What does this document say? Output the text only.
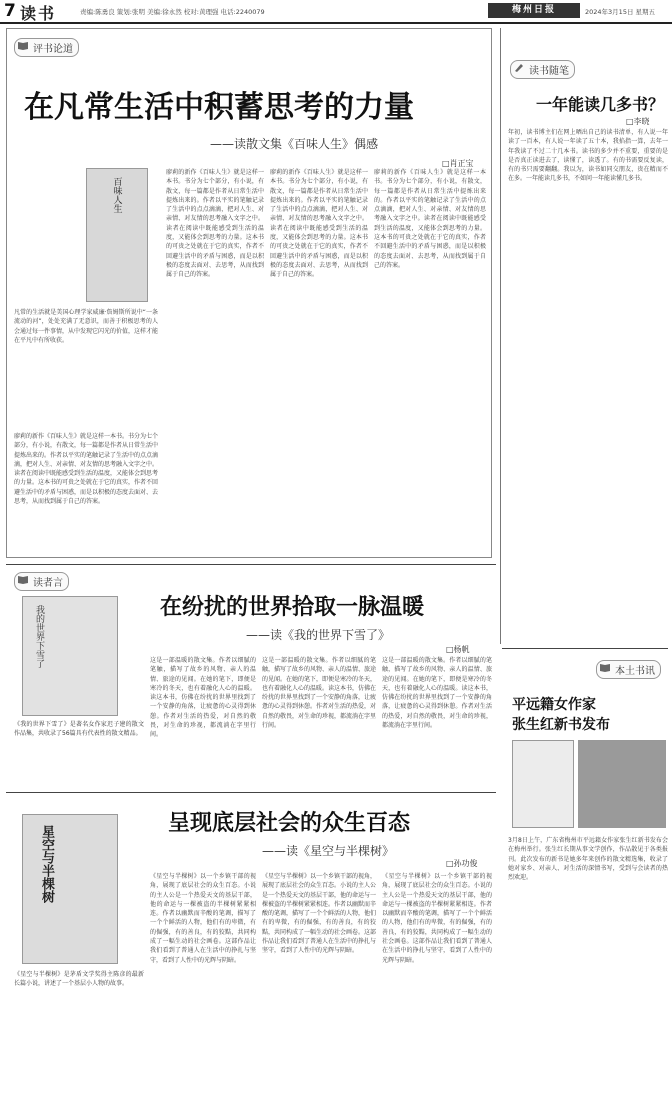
7 读书	责编:陈勇良 策划:张明 美编:徐永然 校对:黄理强 电话:2240079	梅州日报	2024年3月15日 星期五
评书论道
在凡常生活中积蓄思考的力量
——读散文集《百味人生》偶感
□肖正宝
百味人生
凡常的生活就是美国心理学家威廉·詹姆斯所说中“一条流动的河”，处处充满了无意识，而善于积极思考的人会通过每一件事情，从中发现它闪光的价值，这样才能在平凡中有所收获。
廖莉的新作《百味人生》就是这样一本书。书分为七个部分，有小说，有散文，每一篇都是作者从日常生活中提炼出来的。作者以平实的笔触记录了生活中的点点滴滴，把对人生、对亲情、对友情的思考融入文字之中。读者在阅读中既能感受到生活的温度，又能体会到思考的力量。这本书的可贵之处就在于它的真实，作者不回避生活中的矛盾与困惑，而是以积极的态度去面对、去思考，从而找到属于自己的答案。
廖莉的新作《百味人生》就是这样一本书。书分为七个部分，有小说，有散文，每一篇都是作者从日常生活中提炼出来的。作者以平实的笔触记录了生活中的点点滴滴，把对人生、对亲情、对友情的思考融入文字之中。读者在阅读中既能感受到生活的温度，又能体会到思考的力量。这本书的可贵之处就在于它的真实，作者不回避生活中的矛盾与困惑，而是以积极的态度去面对、去思考，从而找到属于自己的答案。
廖莉的新作《百味人生》就是这样一本书。书分为七个部分，有小说，有散文，每一篇都是作者从日常生活中提炼出来的。作者以平实的笔触记录了生活中的点点滴滴，把对人生、对亲情、对友情的思考融入文字之中。读者在阅读中既能感受到生活的温度，又能体会到思考的力量。这本书的可贵之处就在于它的真实，作者不回避生活中的矛盾与困惑，而是以积极的态度去面对、去思考，从而找到属于自己的答案。
廖莉的新作《百味人生》就是这样一本书。书分为七个部分，有小说，有散文，每一篇都是作者从日常生活中提炼出来的。作者以平实的笔触记录了生活中的点点滴滴，把对人生、对亲情、对友情的思考融入文字之中。读者在阅读中既能感受到生活的温度，又能体会到思考的力量。这本书的可贵之处就在于它的真实，作者不回避生活中的矛盾与困惑，而是以积极的态度去面对、去思考，从而找到属于自己的答案。
读书随笔
一年能读几多书？
□李晓
年初，读书博主们在网上晒出自己的读书清单，有人说一年读了一百本，有人说一年读了五十本，我掐指一算，去年一年我读了不过二十几本书。读书的多少并不重要，重要的是是否真正读进去了，读懂了，读透了。有的书需要反复读，有的书只需要翻翻。我以为，读书如同交朋友，贵在精而不在多。一年能读几多书，不如问一年能读懂几多书。
读者言
在纷扰的世界拾取一脉温暖
——读《我的世界下雪了》
□杨帆
我的世界下雪了
《我的世界下雪了》是著名女作家迟子建的散文作品集，共收录了56篇具有代表性的散文精品。
这是一部温暖的散文集。作者以细腻的笔触，描写了故乡的风物、亲人的温情、旅途的见闻。在她的笔下，即便是寒冷的冬天，也有着融化人心的温暖。读这本书，仿佛在纷扰的世界里找到了一个安静的角落，让疲惫的心灵得到休憩。作者对生活的热爱，对自然的敬畏，对生命的珍视，都流淌在字里行间。
这是一部温暖的散文集。作者以细腻的笔触，描写了故乡的风物、亲人的温情、旅途的见闻。在她的笔下，即便是寒冷的冬天，也有着融化人心的温暖。读这本书，仿佛在纷扰的世界里找到了一个安静的角落，让疲惫的心灵得到休憩。作者对生活的热爱，对自然的敬畏，对生命的珍视，都流淌在字里行间。
这是一部温暖的散文集。作者以细腻的笔触，描写了故乡的风物、亲人的温情、旅途的见闻。在她的笔下，即便是寒冷的冬天，也有着融化人心的温暖。读这本书，仿佛在纷扰的世界里找到了一个安静的角落，让疲惫的心灵得到休憩。作者对生活的热爱，对自然的敬畏，对生命的珍视，都流淌在字里行间。
本土书讯
平远籍女作家
张生红新书发布
3月8日上午，广东省梅州市平远籍女作家张生红新书发布会在梅州举行。张生红长期从事文学创作，作品散见于各类报刊。此次发布的新书是她多年来创作的散文精选集，收录了她对家乡、对亲人、对生活的深情书写，受到与会读者的热烈欢迎。
呈现底层社会的众生百态
——读《星空与半棵树》
□孙功俊
星空与半棵树
《星空与半棵树》是茅盾文学奖得主陈彦的最新长篇小说，讲述了一个基层小人物的故事。
《星空与半棵树》以一个乡镇干部的视角，展现了底层社会的众生百态。小说的主人公是一个热爱天文的基层干部，他的命运与一棵被盗的半棵树紧紧相连。作者以幽默而辛酸的笔调，描写了一个个鲜活的人物，他们有的卑微，有的倔强，有的善良，有的狡黠，共同构成了一幅生动的社会画卷。这部作品让我们看到了普通人在生活中的挣扎与坚守，看到了人性中的光辉与阴暗。
《星空与半棵树》以一个乡镇干部的视角，展现了底层社会的众生百态。小说的主人公是一个热爱天文的基层干部，他的命运与一棵被盗的半棵树紧紧相连。作者以幽默而辛酸的笔调，描写了一个个鲜活的人物，他们有的卑微，有的倔强，有的善良，有的狡黠，共同构成了一幅生动的社会画卷。这部作品让我们看到了普通人在生活中的挣扎与坚守，看到了人性中的光辉与阴暗。
《星空与半棵树》以一个乡镇干部的视角，展现了底层社会的众生百态。小说的主人公是一个热爱天文的基层干部，他的命运与一棵被盗的半棵树紧紧相连。作者以幽默而辛酸的笔调，描写了一个个鲜活的人物，他们有的卑微，有的倔强，有的善良，有的狡黠，共同构成了一幅生动的社会画卷。这部作品让我们看到了普通人在生活中的挣扎与坚守，看到了人性中的光辉与阴暗。
